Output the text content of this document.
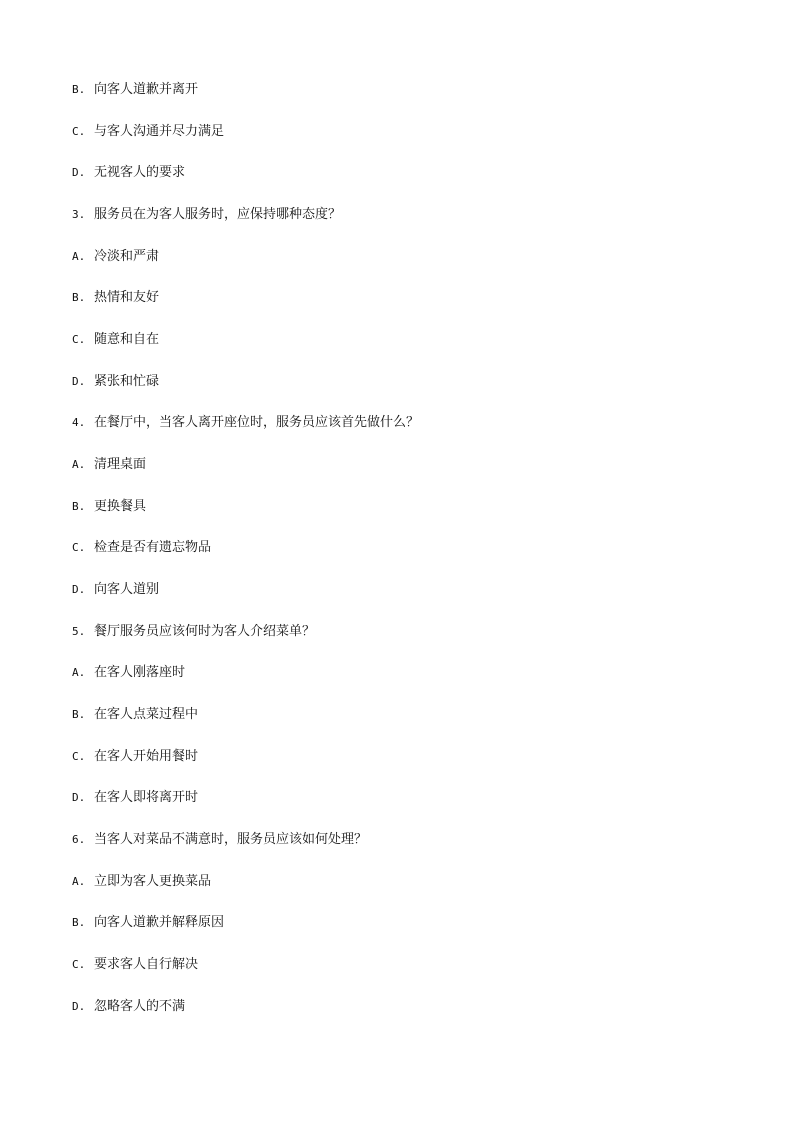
B. 向客人道歉并离开
C. 与客人沟通并尽力满足
D. 无视客人的要求
3. 服务员在为客人服务时，应保持哪种态度？
A. 冷淡和严肃
B. 热情和友好
C. 随意和自在
D. 紧张和忙碌
4. 在餐厅中，当客人离开座位时，服务员应该首先做什么？
A. 清理桌面
B. 更换餐具
C. 检查是否有遗忘物品
D. 向客人道别
5. 餐厅服务员应该何时为客人介绍菜单？
A. 在客人刚落座时
B. 在客人点菜过程中
C. 在客人开始用餐时
D. 在客人即将离开时
6. 当客人对菜品不满意时，服务员应该如何处理？
A. 立即为客人更换菜品
B. 向客人道歉并解释原因
C. 要求客人自行解决
D. 忽略客人的不满
